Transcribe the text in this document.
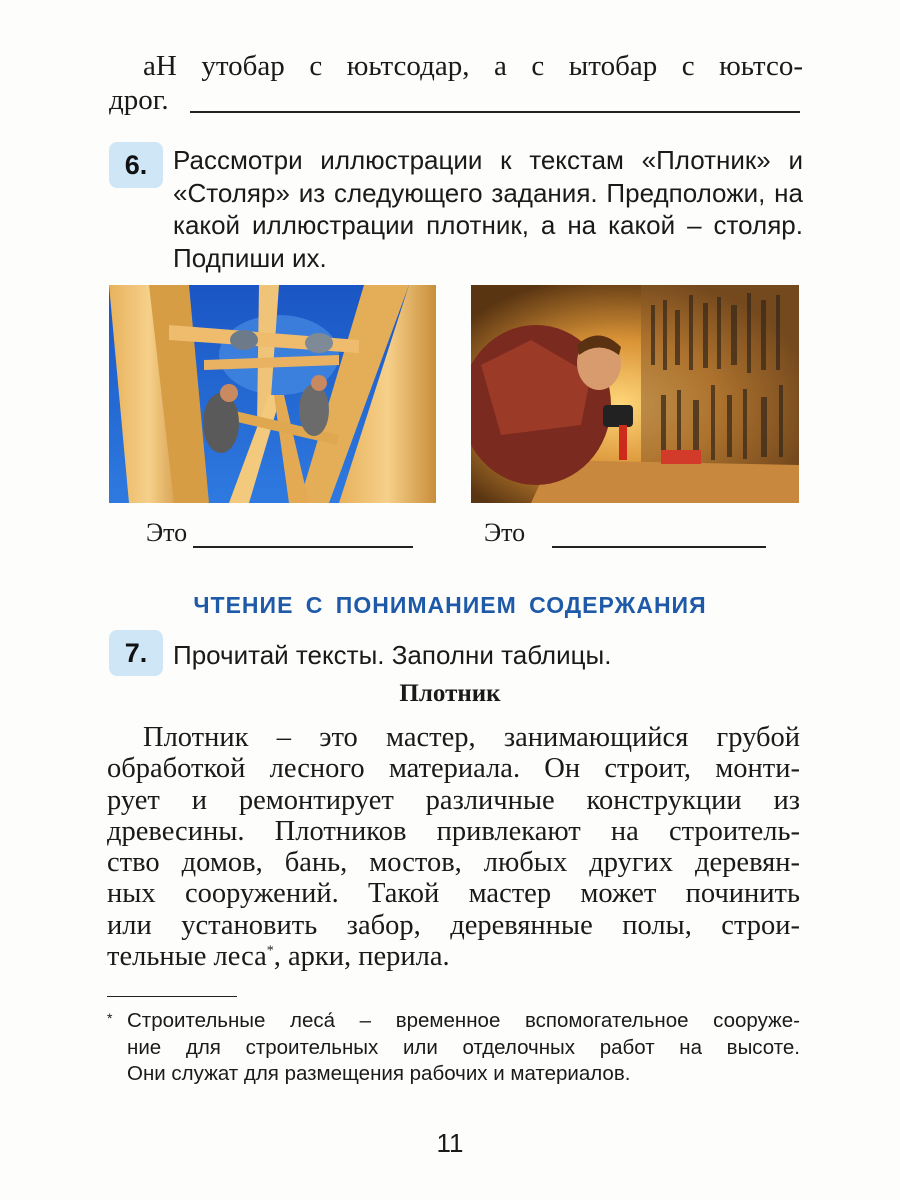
аН утобар с юьтсодар, а с ытобар с юьтсо-
дрог.
6. Рассмотри иллюстрации к текстам «Плотник» и «Столяр» из следующего задания. Предположи, на какой иллюстрации плотник, а на какой – столяр. Подпиши их.
Это	Это
ЧТЕНИЕ С ПОНИМАНИЕМ СОДЕРЖАНИЯ
7. Прочитай тексты. Заполни таблицы.
Плотник
Плотник – это мастер, занимающийся грубой
обработкой лесного материала. Он строит, монти-
рует и ремонтирует различные конструкции из
древесины. Плотников привлекают на строитель-
ство домов, бань, мостов, любых других деревян-
ных сооружений. Такой мастер может починить
или установить забор, деревянные полы, строи-
тельные леса*, арки, перила.
* Строительные леса́ – временное вспомогательное сооруже-
ние для строительных или отделочных работ на высоте.
Они служат для размещения рабочих и материалов.
11
